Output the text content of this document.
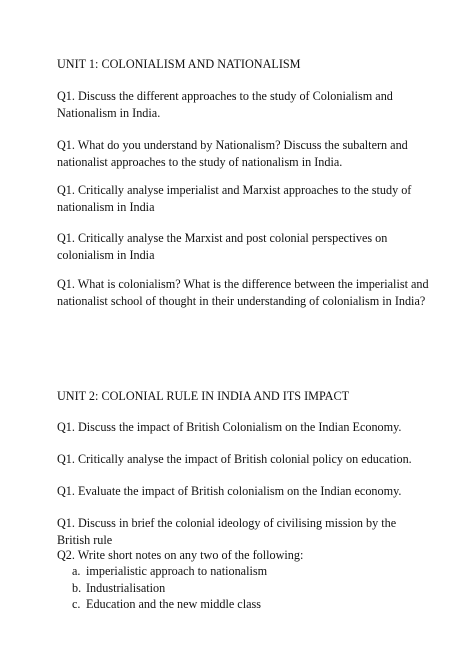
UNIT 1: COLONIALISM AND NATIONALISM

Q1. Discuss the different approaches to the study of Colonialism and Nationalism in India.

Q1. What do you understand by Nationalism? Discuss the subaltern and nationalist approaches to the study of nationalism in India.

Q1. Critically analyse imperialist and Marxist approaches to the study of nationalism in India

Q1. Critically analyse the Marxist and post colonial perspectives on colonialism in India

Q1. What is colonialism? What is the difference between the imperialist and nationalist school of thought in their understanding of colonialism in India?

UNIT 2: COLONIAL RULE IN INDIA AND ITS IMPACT

Q1. Discuss the impact of British Colonialism on the Indian Economy.

Q1. Critically analyse the impact of British colonial policy on education.

Q1. Evaluate the impact of British colonialism on the Indian economy.

Q1. Discuss in brief the colonial ideology of civilising mission by the British rule

Q2. Write short notes on any two of the following:

a. imperialistic approach to nationalism
b. Industrialisation
c. Education and the new middle class
